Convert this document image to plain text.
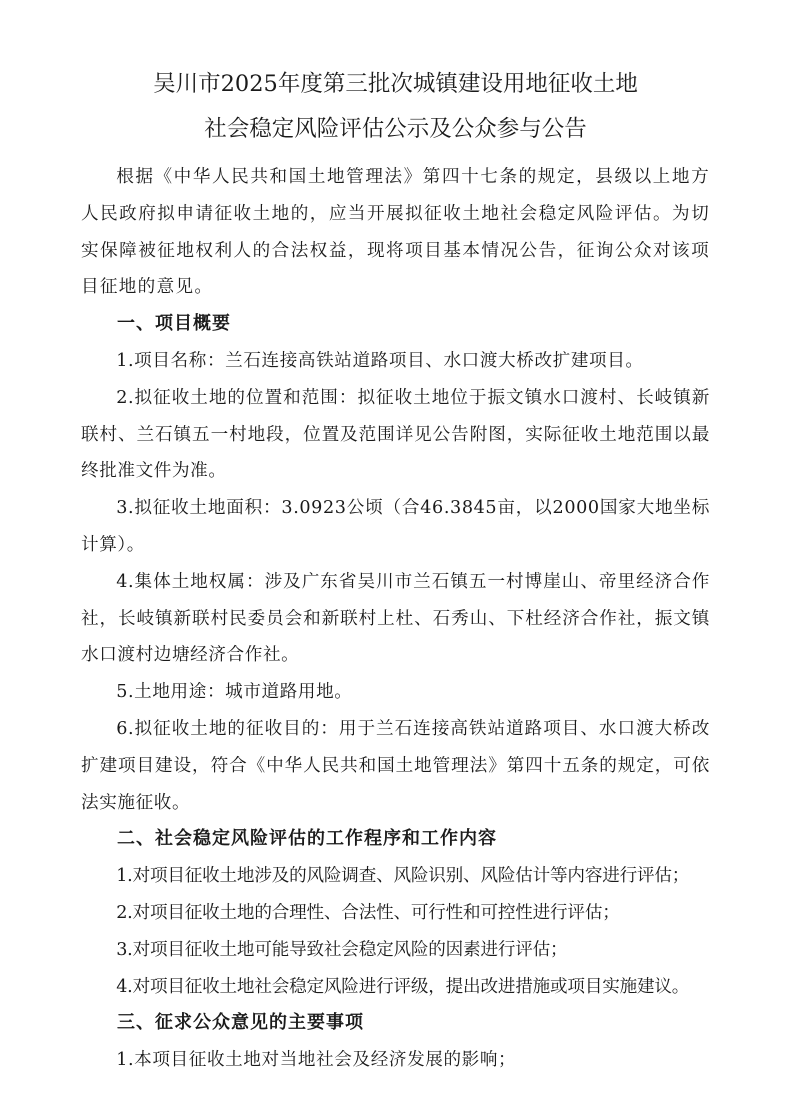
吴川市2025年度第三批次城镇建设用地征收土地
社会稳定风险评估公示及公众参与公告

根据《中华人民共和国土地管理法》第四十七条的规定，县级以上地方人民政府拟申请征收土地的，应当开展拟征收土地社会稳定风险评估。为切实保障被征地权利人的合法权益，现将项目基本情况公告，征询公众对该项目征地的意见。

一、项目概要

1.项目名称：兰石连接高铁站道路项目、水口渡大桥改扩建项目。

2.拟征收土地的位置和范围：拟征收土地位于振文镇水口渡村、长岐镇新联村、兰石镇五一村地段，位置及范围详见公告附图，实际征收土地范围以最终批准文件为准。

3.拟征收土地面积：3.0923公顷（合46.3845亩，以2000国家大地坐标计算）。

4.集体土地权属：涉及广东省吴川市兰石镇五一村博崖山、帝里经济合作社，长岐镇新联村民委员会和新联村上杜、石秀山、下杜经济合作社，振文镇水口渡村边塘经济合作社。

5.土地用途：城市道路用地。

6.拟征收土地的征收目的：用于兰石连接高铁站道路项目、水口渡大桥改扩建项目建设，符合《中华人民共和国土地管理法》第四十五条的规定，可依法实施征收。

二、社会稳定风险评估的工作程序和工作内容

1.对项目征收土地涉及的风险调查、风险识别、风险估计等内容进行评估；

2.对项目征收土地的合理性、合法性、可行性和可控性进行评估；

3.对项目征收土地可能导致社会稳定风险的因素进行评估；

4.对项目征收土地社会稳定风险进行评级，提出改进措施或项目实施建议。

三、征求公众意见的主要事项

1.本项目征收土地对当地社会及经济发展的影响；
